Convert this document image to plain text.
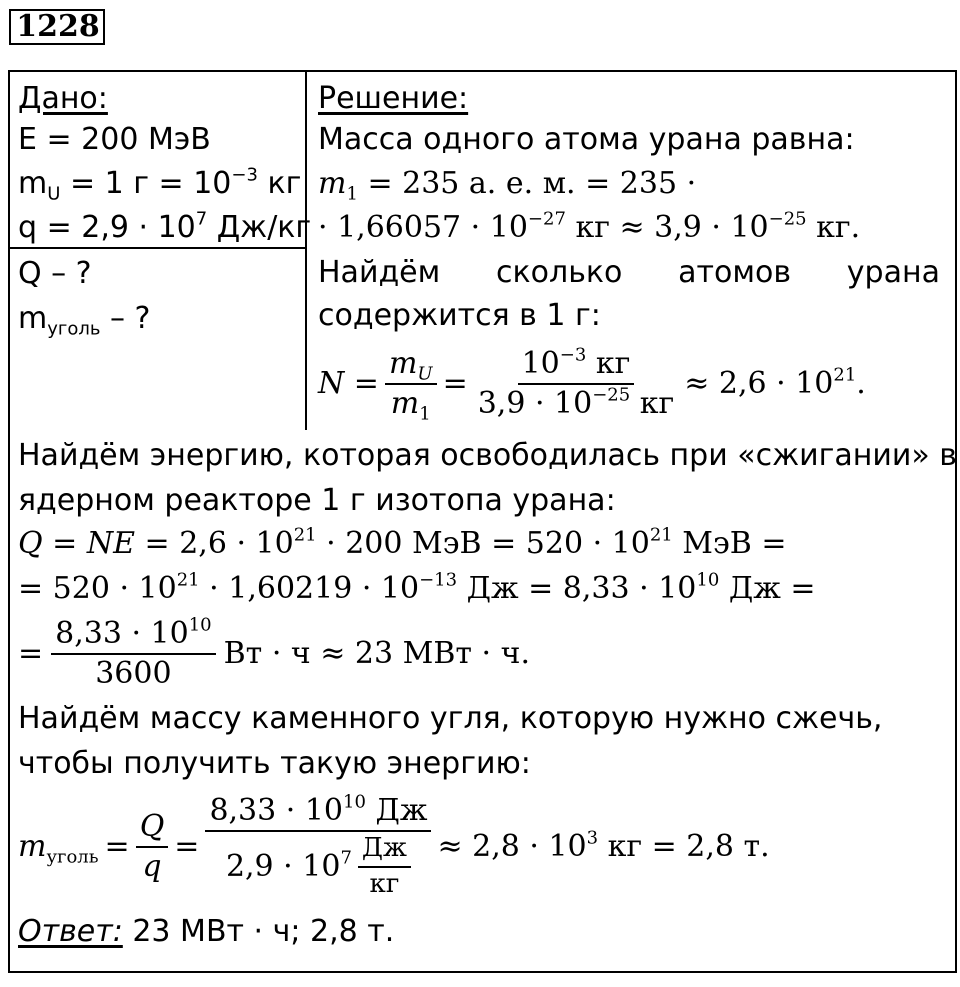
1228
Дано:
E = 200 МэВ
$m_U = 1$ $г = 10^{-3}$ кг
$q = 2,9 \cdot 10^7$ Дж/кг
Q – ?
$m_{уголь}$ – ?
Решение:
Масса одного атома урана равна:
$m_1 = 235$ а. е. м. = 235 ·
· $1,66057 \cdot 10^{-27}$ кг ≈ $3,9 \cdot 10^{-25}$ кг.
Найдём сколько атомов урана
содержится в 1 г:
$N = \frac{m_U}{m_1} = \frac{10^{-3} кг}{3,9 \cdot 10^{-25} кг} \approx 2,6 \cdot 10^{21}$.
Найдём энергию, которая освободилась при «сжигании» в
ядерном реакторе 1 г изотопа урана:
Q = NE = $2,6 \cdot 10^{21} \cdot 200$ МэВ = $520 \cdot 10^{21}$ МэВ =
= $520 \cdot 10^{21} \cdot 1,60219 \cdot 10^{-13}$ Дж = $8,33 \cdot 10^{10}$ Дж =
= $\frac{8,33 \cdot 10^{10}}{3600}$ Вт · ч ≈ 23 МВт · ч.
Найдём массу каменного угля, которую нужно сжечь,
чтобы получить такую энергию:
$m_{уголь} = \frac{Q}{q} = \frac{8,33 \cdot 10^{10} Дж}{2,9 \cdot 10^7 \frac{Дж}{кг}} \approx 2,8 \cdot 10^3$ кг = 2,8 т.
Ответ: 23 МВт · ч; 2,8 т.
